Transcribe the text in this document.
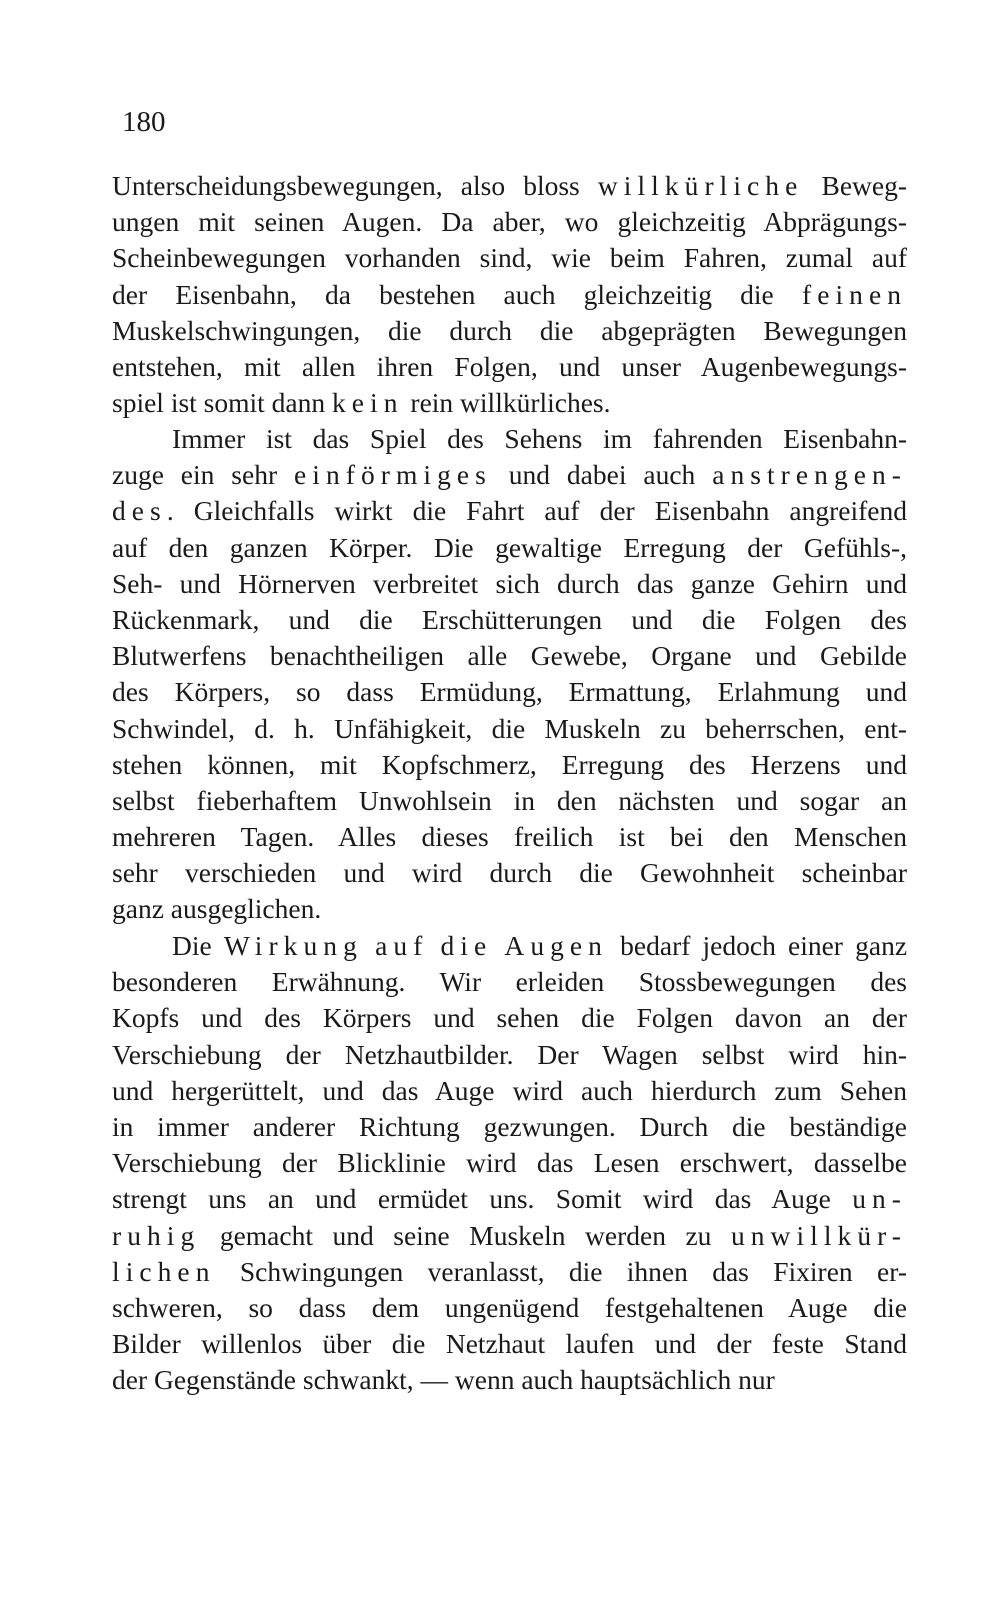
180
Unterscheidungsbewegungen, also bloss willkürliche Beweg-
ungen mit seinen Augen. Da aber, wo gleichzeitig Abprägungs-
Scheinbewegungen vorhanden sind, wie beim Fahren, zumal auf
der Eisenbahn, da bestehen auch gleichzeitig die feinen
Muskelschwingungen, die durch die abgeprägten Bewegungen
entstehen, mit allen ihren Folgen, und unser Augenbewegungs-
spiel ist somit dann kein rein willkürliches.
Immer ist das Spiel des Sehens im fahrenden Eisenbahn-
zuge ein sehr einförmiges und dabei auch anstrengen-
des. Gleichfalls wirkt die Fahrt auf der Eisenbahn angreifend
auf den ganzen Körper. Die gewaltige Erregung der Gefühls-,
Seh- und Hörnerven verbreitet sich durch das ganze Gehirn und
Rückenmark, und die Erschütterungen und die Folgen des
Blutwerfens benachtheiligen alle Gewebe, Organe und Gebilde
des Körpers, so dass Ermüdung, Ermattung, Erlahmung und
Schwindel, d. h. Unfähigkeit, die Muskeln zu beherrschen, ent-
stehen können, mit Kopfschmerz, Erregung des Herzens und
selbst fieberhaftem Unwohlsein in den nächsten und sogar an
mehreren Tagen. Alles dieses freilich ist bei den Menschen
sehr verschieden und wird durch die Gewohnheit scheinbar
ganz ausgeglichen.
Die Wirkung auf die Augen bedarf jedoch einer ganz
besonderen Erwähnung. Wir erleiden Stossbewegungen des
Kopfs und des Körpers und sehen die Folgen davon an der
Verschiebung der Netzhautbilder. Der Wagen selbst wird hin-
und hergerüttelt, und das Auge wird auch hierdurch zum Sehen
in immer anderer Richtung gezwungen. Durch die beständige
Verschiebung der Blicklinie wird das Lesen erschwert, dasselbe
strengt uns an und ermüdet uns. Somit wird das Auge un-
ruhig gemacht und seine Muskeln werden zu unwillkür-
lichen Schwingungen veranlasst, die ihnen das Fixiren er-
schweren, so dass dem ungenügend festgehaltenen Auge die
Bilder willenlos über die Netzhaut laufen und der feste Stand
der Gegenstände schwankt, — wenn auch hauptsächlich nur
